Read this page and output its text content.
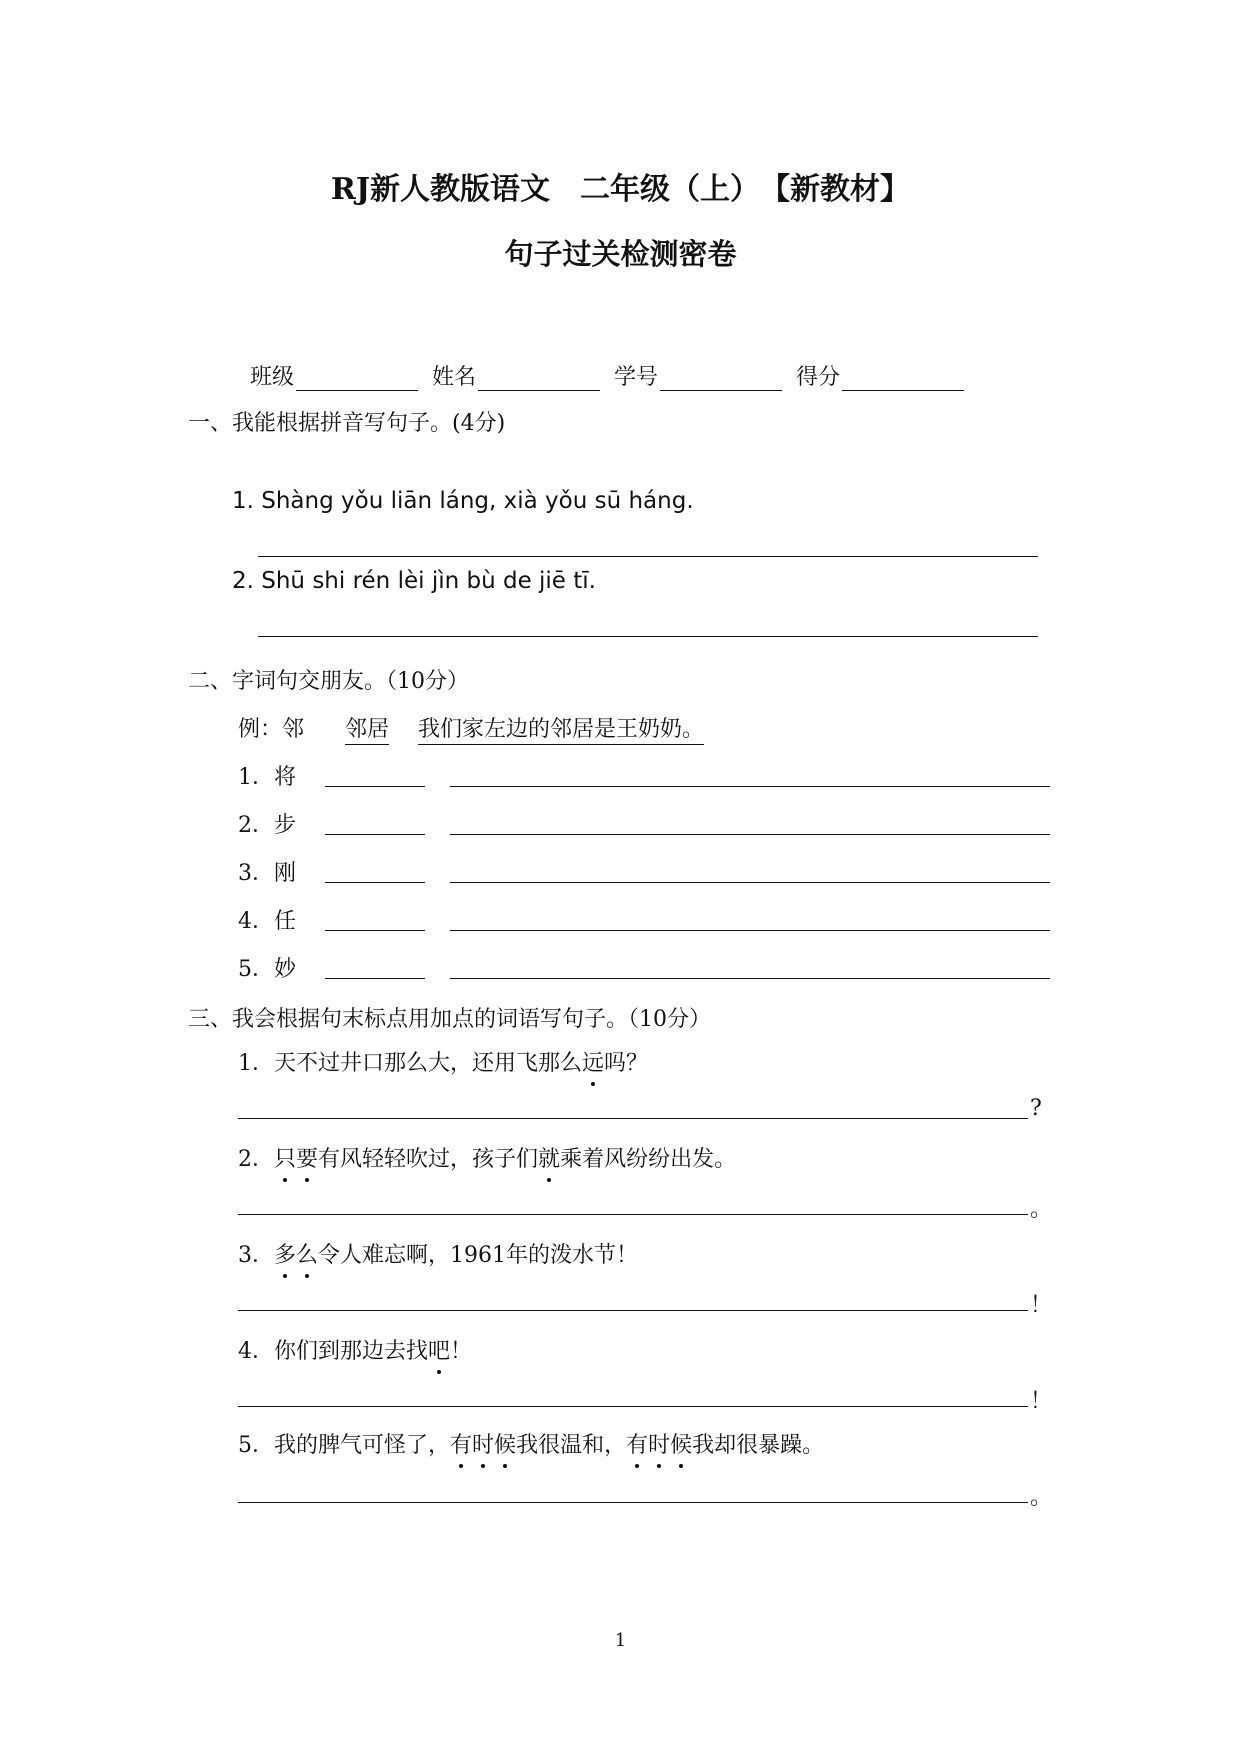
RJ新人教版语文　二年级（上）　【新教材】
句子过关检测密卷
班级	姓名	学号	得分
一、我能根据拼音写句子。(4分)
1. Shàng yǒu liān láng, xià yǒu sū háng.
2. Shū shi rén lèi jìn bù de jiē tī.
二、字词句交朋友。（10分）
例：邻 邻居 我们家左边的邻居是王奶奶。
1．将
2．步
3．刚
4．任
5．妙
三、我会根据句末标点用加点的词语写句子。（10分）
1．天不过井口那么大，还用飞那么远吗？
?
2．只要有风轻轻吹过，孩子们就乘着风纷纷出发。
。
3．多么令人难忘啊，1961年的泼水节！
！
4．你们到那边去找吧！
！
5．我的脾气可怪了，有时候我很温和，有时候我却很暴躁。
。
1
